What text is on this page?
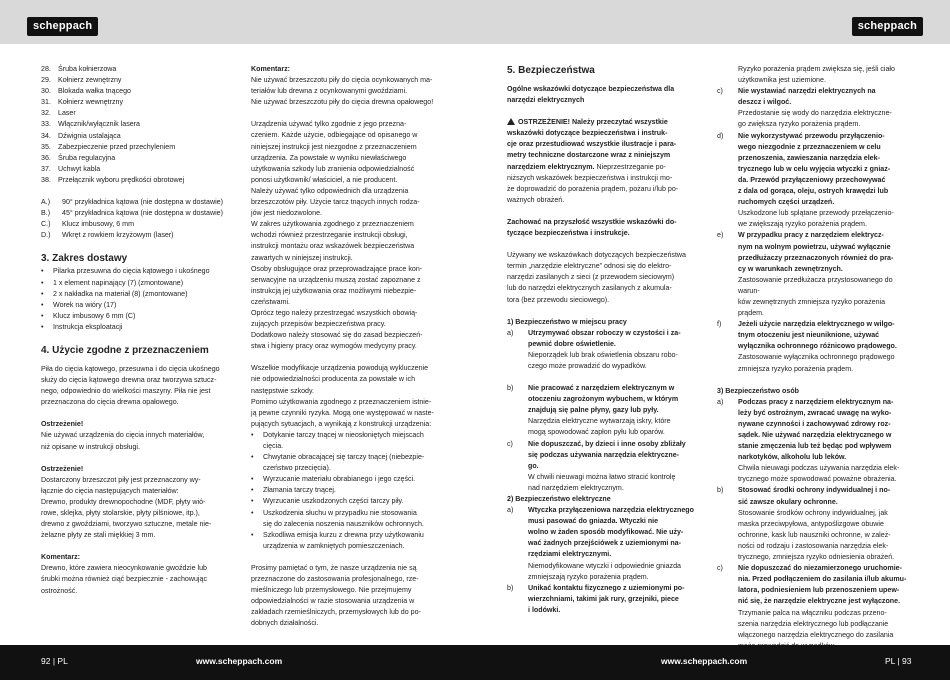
scheppach	scheppach
28. Śruba kołnierzowa
29. Kołnierz zewnętrzny
30. Blokada wałka tnącego
31. Kołnierz wewnętrzny
32. Laser
33. Włącznik/wyłącznik lasera
34. Dźwignia ustalająca
35. Zabezpieczenie przed przechyleniem
36. Śruba regulacyjna
37. Uchwyt kabla
38. Przełącznik wyboru prędkości obrotowej
A.) 90° przykładnica kątowa (nie dostępna w dostawie)
B.) 45° przykładnica kątowa (nie dostępna w dostawie)
C.) Klucz imbusowy, 6 mm
D.) Wkręt z rowkiem krzyżowym (laser)

3. Zakres dostawy

• Pilarka przesuwna do cięcia kątowego i ukośnego
• 1 x element napinający (7) (zmontowane)
• 2 x nakładka na materiał (8) (zmontowane)
• Worek na wióry (17)
• Klucz imbusowy 6 mm (C)
• Instrukcja eksploatacji

4. Użycie zgodne z przeznaczeniem

Piła do cięcia kątowego, przesuwna i do cięcia ukośnego

służy do cięcia kątowego drewna oraz tworzywa sztucz-

nego, odpowiednio do wielkości maszyny. Piła nie jest

przeznaczona do cięcia drewna opałowego.

Ostrzeżenie!

Nie używać urządzenia do cięcia innych materiałów,

niż opisane w instrukcji obsługi.

Ostrzeżenie!

Dostarczony brzeszczot piły jest przeznaczony wy-

łącznie do cięcia następujących materiałów:

Drewno, produkty drewnopochodne (MDF, płyty wió-

rowe, sklejka, płyty stolarskie, płyty pilśniowe, itp.),

drewno z gwoździami, tworzywo sztuczne, metale nie-

żelazne płyty ze stali miękkiej 3 mm.

Komentarz:

Drewno, które zawiera nieocynkowanie gwoździe lub

śrubki można również ciąć bezpiecznie - zachowując

ostrożność.

Komentarz:

Nie używać brzeszczotu piły do cięcia ocynkowanych ma-

teriałów lub drewna z ocynkowanymi gwoździami.

Nie używać brzeszczotu piły do cięcia drewna opałowego!

Urządzenia używać tylko zgodnie z jego przezna-

czeniem. Każde użycie, odbiegające od opisanego w

niniejszej instrukcji jest niezgodne z przeznaczeniem

urządzenia. Za powstałe w wyniku niewłaściwego

użytkowania szkody lub zranienia odpowiedzialność

ponosi użytkownik/ właściciel, a nie producent.

Należy używać tylko odpowiednich dla urządzenia

brzeszczotów piły. Użycie tarcz tnących innych rodza-

jów jest niedozwolone.

W zakres użytkowania zgodnego z przeznaczeniem

wchodzi również przestrzeganie instrukcji obsługi,

instrukcji montażu oraz wskazówek bezpieczeństwa

zawartych w niniejszej instrukcji.

Osoby obsługujące oraz przeprowadzające prace kon-

serwacyjne na urządzeniu muszą zostać zapoznane z

instrukcją jej użytkowania oraz możliwymi niebezpie-

czeństwami.

Oprócz tego należy przestrzegać wszystkich obowią-

zujących przepisów bezpieczeństwa pracy.

Dodatkowo należy stosować się do zasad bezpieczeń-

stwa i higieny pracy oraz wymogów medycyny pracy.

Wszelkie modyfikacje urządzenia powodują wykluczenie

nie odpowiedzialności producenta za powstałe w ich

następstwie szkody.

Pomimo użytkowania zgodnego z przeznaczeniem istnie-

ją pewne czynniki ryzyka. Mogą one występować w naste-

pujących sytuacjach, a wynikają z konstrukcji urządzenia:

• Dotykanie tarczy tnącej w nieosłoniętych miejscach

cięcia.

• Chwytanie obracającej się tarczy tnącej (niebezpie-

czeństwo przecięcia).

• Wyrzucanie materiału obrabianego i jego części.

• Złamania tarczy tnącej.

• Wyrzucanie uszkodzonych części tarczy piły.

• Uszkodzenia słuchu w przypadku nie stosowania

się do zalecenia noszenia nauszników ochronnych.

• Szkodliwa emisja kurzu z drewna przy użytkowaniu

urządzenia w zamkniętych pomieszczeniach.

Prosimy pamiętać o tym, że nasze urządzenia nie są

przeznaczone do zastosowania profesjonalnego, rze-

mieślniczego lub przemysłowego. Nie przejmujemy

odpowiedzialności w razie stosowania urządzenia w

zakładach rzemieślniczych, przemysłowych lub do po-

dobnych działalności.

5. Bezpieczeństwa

Ogólne wskazówki dotyczące bezpieczeństwa dla

narzędzi elektrycznych

OSTRZEŻENIE! Należy przeczytać wszystkie

wskazówki dotyczące bezpieczeństwa i instruk-

cje oraz przestudiować wszystkie ilustracje i para-

metry techniczne dostarczone wraz z niniejszym

narzędziem elektrycznym. Nieprzestrzeganie po-

niższych wskazówek bezpieczeństwa i instrukcji mo-

że doprowadzić do porażenia prądem, pożaru i/lub po-

ważnych obrażeń.

Zachować na przyszłość wszystkie wskazówki do-

tyczące bezpieczeństwa i instrukcje.

Używany we wskazówkach dotyczących bezpieczeństwa

termin „narzędzie elektryczne” odnosi się do elektro-

narzędzi zasilanych z sieci (z przewodem sieciowym)

lub do narzędzi elektrycznych zasilanych z akumula-

tora (bez przewodu sieciowego).

1) Bezpieczeństwo w miejscu pracy

a) Utrzymywać obszar roboczy w czystości i za-

pewnić dobre oświetlenie.

Nieporządek lub brak oświetlenia obszaru robo-

czego może prowadzić do wypadków.

b) Nie pracować z narzędziem elektrycznym w

otoczeniu zagrożonym wybuchem, w którym

znajdują się palne płyny, gazy lub pyły.

Narzędzia elektryczne wytwarzają iskry, które

mogą spowodować zapłon pyłu lub oparów.

c) Nie dopuszczać, by dzieci i inne osoby zbliżały

się podczas używania narzędzia elektryczne-

go.

W chwili nieuwagi można łatwo stracić kontrolę

nad narzędziem elektrycznym.

2) Bezpieczeństwo elektryczne

a) Wtyczka przyłączeniowa narzędzia elektrycznego

musi pasować do gniazda. Wtyczki nie

wolno w żaden sposób modyfikować. Nie uży-

wać żadnych przejściówek z uziemionymi na-

rzędziami elektrycznymi.

Niemodyfikowane wtyczki i odpowiednie gniazda

zmniejszają ryzyko porażenia prądem.

b) Unikać kontaktu fizycznego z uziemionymi po-

wierzchniami, takimi jak rury, grzejniki, piece

i lodówki.

Ryzyko porażenia prądem zwiększa się, jeśli ciało

użytkownika jest uziemione.

c) Nie wystawiać narzędzi elektrycznych na

deszcz i wilgoć.

Przedostanie się wody do narzędzia elektryczne-

go zwiększa ryzyko porażenia prądem.

d) Nie wykorzystywać przewodu przyłączenio-

wego niezgodnie z przeznaczeniem w celu

przenoszenia, zawieszania narzędzia elek-

trycznego lub w celu wyjęcia wtyczki z gniaz-

da. Przewód przyłączeniowy przechowywać

z dala od gorąca, oleju, ostrych krawędzi lub

ruchomych części urządzeń.

Uszkodzone lub splątane przewody przełączenio-

we zwiększają ryzyko porażenia prądem.

e) W przypadku pracy z narzędziem elektrycz-

nym na wolnym powietrzu, używać wyłącznie

przedłużaczy przeznaczonych również do pra-

cy w warunkach zewnętrznych.

Zastosowanie przedłużacza przystosowanego do warun-

ków zewnętrznych zmniejsza ryzyko porażenia prądem.

f) Jeżeli użycie narzędzia elektrycznego w wilgo-

tnym otoczeniu jest nieuniknione, używać

wyłącznika ochronnego różnicowo prądowego.

Zastosowanie wyłącznika ochronnego prądowego

zmniejsza ryzyko porażenia prądem.

3) Bezpieczeństwo osób

a) Podczas pracy z narzędziem elektrycznym na-

leży być ostrożnym, zwracać uwagę na wyko-

nywane czynności i zachowywać zdrowy roz-

sądek. Nie używać narzędzia elektrycznego w

stanie zmęczenia lub też będąc pod wpływem

narkotyków, alkoholu lub leków.

Chwila nieuwagi podczas używania narzędzia elek-

trycznego może spowodować poważne obrażenia.

b) Stosować środki ochrony indywidualnej i no-

sić zawsze okulary ochronne.

Stosowanie środków ochrony indywidualnej, jak

maska przeciwpyłowa, antypoślizgowe obuwie

ochronne, kask lub nauszniki ochronne, w zależ-

ności od rodzaju i zastosowania narzędzia elek-

trycznego, zmniejsza ryzyko odniesienia obrażeń.

c) Nie dopuszczać do niezamierzonego uruchomie-

nia. Przed podłączeniem do zasilania i/lub akumu-

latora, podniesieniem lub przenoszeniem upew-

nić się, że narzędzie elektryczne jest wyłączone.

Trzymanie palca na włączniku podczas przeno-

szenia narzędzia elektrycznego lub podłączanie

włączonego narzędzia elektrycznego do zasilania

92 | PL	www.scheppach.com	www.scheppach.com	PL | 93
